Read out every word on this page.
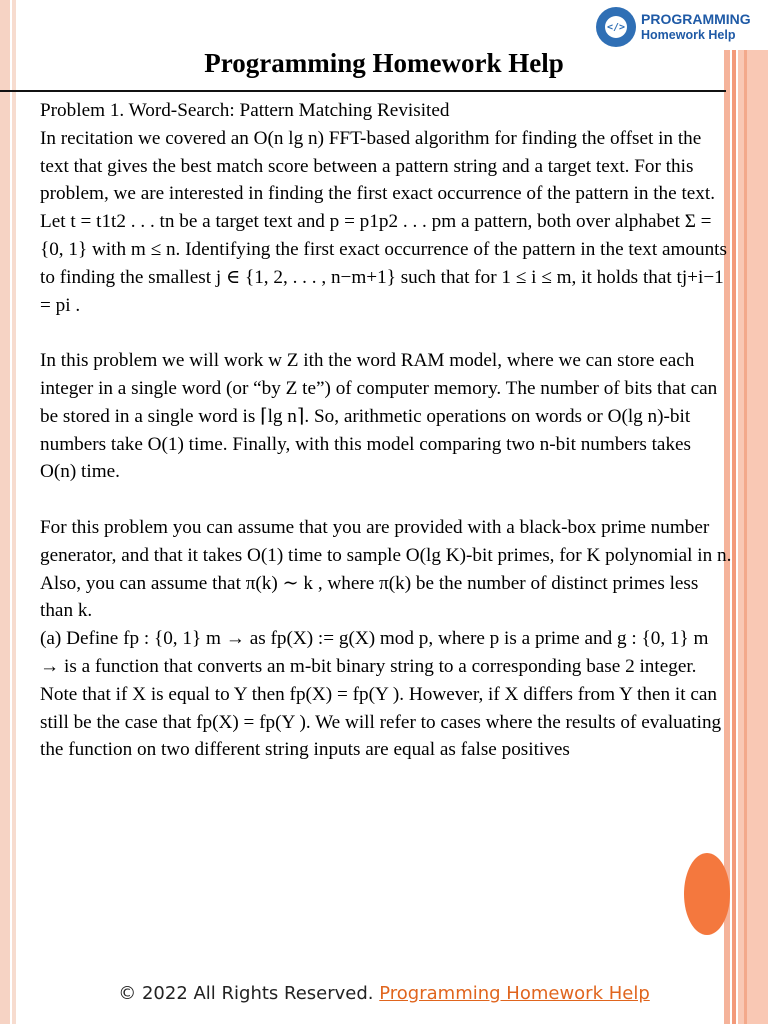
</> PROGRAMMING
Homework Help
Programming Homework Help

Problem 1. Word-Search: Pattern Matching Revisited

In recitation we covered an O(n lg n) FFT-based algorithm for finding the offset in the text that gives the best match score between a pattern string and a target text. For this problem, we are interested in finding the first exact occurrence of the pattern in the text. Let t = t1t2 . . . tn be a target text and p = p1p2 . . . pm a pattern, both over alphabet Σ = {0, 1} with m ≤ n. Identifying the first exact occurrence of the pattern in the text amounts to finding the smallest j ∈ {1, 2, . . . , n−m+1} such that for 1 ≤ i ≤ m, it holds that tj+i−1 = pi .

In this problem we will work w Z ith the word RAM model, where we can store each integer in a single word (or “by Z te”) of computer memory. The number of bits that can be stored in a single word is ⌈lg n⌉. So, arithmetic operations on words or O(lg n)-bit numbers take O(1) time. Finally, with this model comparing two n-bit numbers takes O(n) time.

For this problem you can assume that you are provided with a black-box prime number generator, and that it takes O(1) time to sample O(lg K)-bit primes, for K polynomial in n. Also, you can assume that π(k) ∼ k , where π(k) be the number of distinct primes less than k.

(a) Define fp : {0, 1} m → as fp(X) := g(X) mod p, where p is a prime and g : {0, 1} m → is a function that converts an m-bit binary string to a corresponding base 2 integer. Note that if X is equal to Y then fp(X) = fp(Y ). However, if X differs from Y then it can still be the case that fp(X) = fp(Y ). We will refer to cases where the results of evaluating the function on two different string inputs are equal as false positives

© 2022 All Rights Reserved. Programming Homework Help
